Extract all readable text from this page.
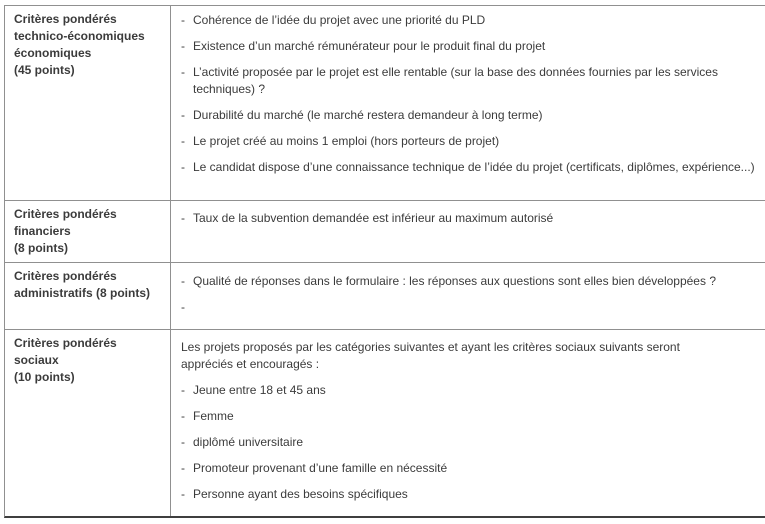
Critères pondérés
technico-économiques
économiques
(45 points)
- Cohérence de l’idée du projet avec une priorité du PLD
- Existence d’un marché rémunérateur pour le produit final du projet
- L’activité proposée par le projet est elle rentable (sur la base des données fournies par les services techniques) ?
- Durabilité du marché (le marché restera demandeur à long terme)
- Le projet créé au moins 1 emploi (hors porteurs de projet)
- Le candidat dispose d’une connaissance technique de l’idée du projet (certificats, diplômes, expérience...)
Critères pondérés
financiers
(8 points)
- Taux de la subvention demandée est inférieur au maximum autorisé
Critères pondérés
administratifs (8 points)
- Qualité de réponses dans le formulaire : les réponses aux questions sont elles bien développées ?
-
Critères pondérés
sociaux
(10 points)

Les projets proposés par les catégories suivantes et ayant les critères sociaux suivants seront appréciés et encouragés :

- Jeune entre 18 et 45 ans
- Femme
- diplômé universitaire
- Promoteur provenant d’une famille en nécessité
- Personne ayant des besoins spécifiques
